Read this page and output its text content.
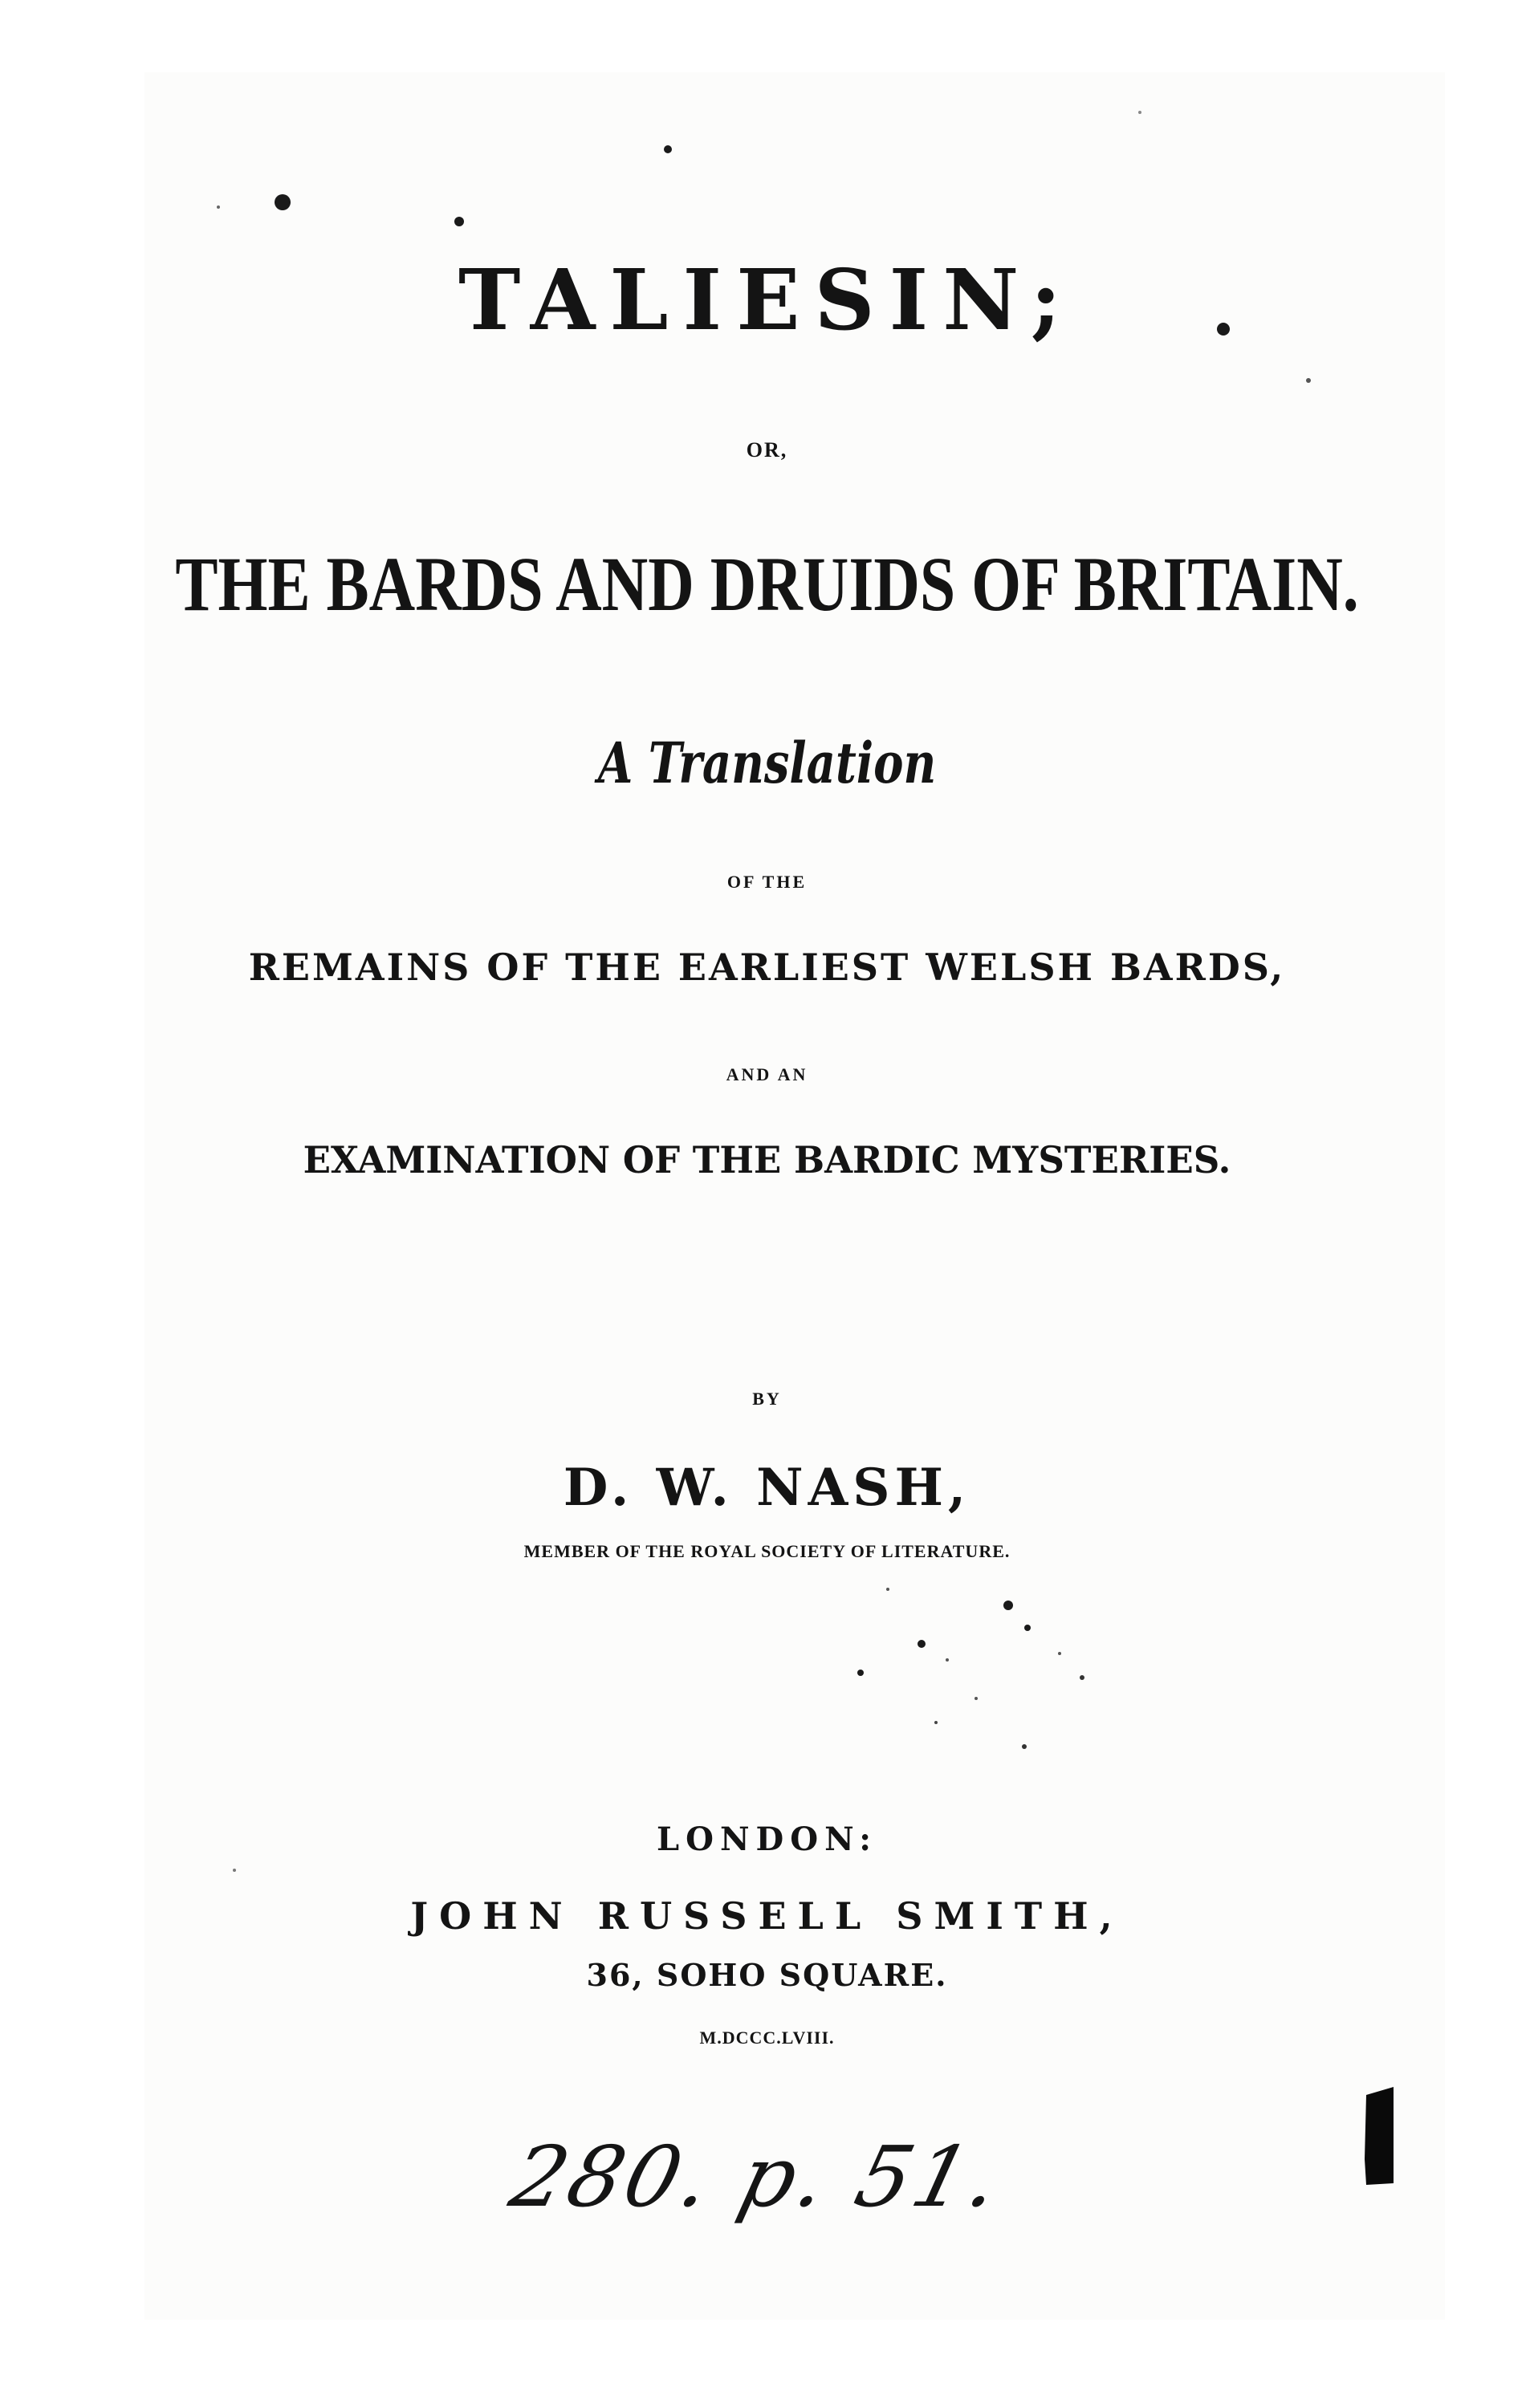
TALIESIN;
OR,
THE BARDS AND DRUIDS OF BRITAIN.
A Translation
OF THE
REMAINS OF THE EARLIEST WELSH BARDS,
AND AN
EXAMINATION OF THE BARDIC MYSTERIES.
BY
D. W. NASH,
MEMBER OF THE ROYAL SOCIETY OF LITERATURE.
LONDON:
JOHN RUSSELL SMITH,
36, SOHO SQUARE.
M.DCCC.LVIII.
280. p. 51.
